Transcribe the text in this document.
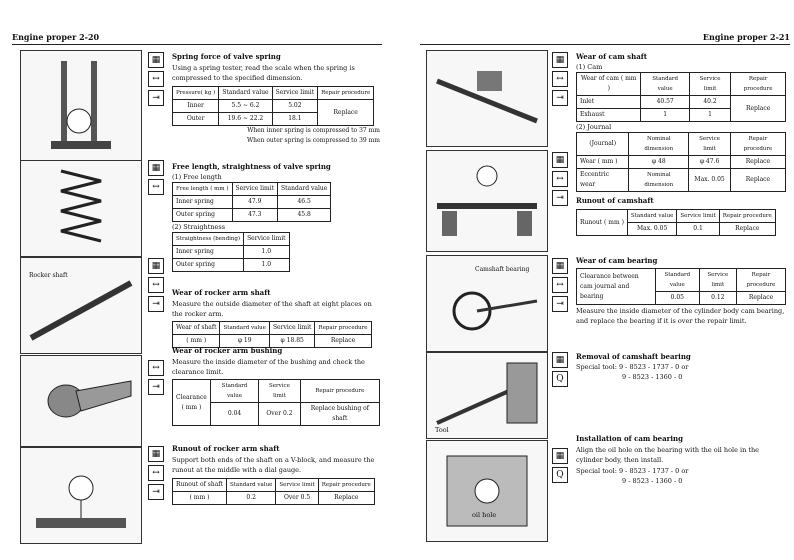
Engine proper 2-20
▦
↔
⇥
Spring force of valve spring
Using a spring tester, read the scale when the spring is compressed to the specified dimension.
Pressure( kg )	Standard value	Service limit	Repair procedure
Inner	5.5 ~ 6.2	5.02	Replace
Outer	19.6 ~ 22.2	18.1	
When inner spring is compressed to 37 mm
When outer spring is compressed to 39 mm
▦
↔
Free length, straightness of valve spring
(1) Free length
Free length ( mm )	Service limit	Standard value
Inner spring	47.9	46.5
Outer spring	47.3	45.8
(2) Straightness
Straightness (bending)	Service limit
Inner spring	1.0
Outer spring	1.0
Rocker shaft
▦
↔
⇥
Wear of rocker arm shaft
Measure the outside diameter of the shaft at eight places on the rocker arm.
Wear of shaft	Standard value	Service limit	Repair procedure
( mm )	φ 19	φ 18.85	Replace
↔
⇥
Wear of rocker arm bushing
Measure the inside diameter of the bushing and check the clearance limit.
Clearance
( mm )	Standard value	Service limit	Repair procedure
	0.04	Over 0.2	Replace bushing of shaft
▦
↔
⇥
Runout of rocker arm shaft
Support both ends of the shaft on a V-block, and measure the runout at the middle with a dial gauge.
Runout of shaft	Standard value	Service limit	Repair procedure
( mm )	0.2	Over 0.5	Replace
Engine proper 2-21
▦
↔
⇥
Wear of cam shaft
(1) Cam
Wear of cam ( mm )	Standard value	Service limit	Repair procedure
Inlet	40.57	40.2	Replace
Exhaust	1	1	
(2) Journal
(Journal)	Nominal dimension	Service limit	Repair procedure
Wear ( mm )	φ 48	φ 47.6	Replace
Eccentric wear	Nominal dimension	Max. 0.05	Replace
▦
↔
⇥	Runout of camshaft
Runout ( mm )	Standard value	Service limit	Repair procedure
	Max. 0.05	0.1	Replace
Camshaft bearing	▦
↔
⇥
Wear of cam bearing
Clearance between cam journal and bearing	Standard value	Service limit	Repair procedure
	0.05	0.12	Replace
Measure the inside diameter of the cylinder body cam bearing, and replace the bearing if it is over the repair limit.
Tool
▦
Q
Removal of camshaft bearing
Special tool: 9 - 8523 - 1737 - 0 or
9 - 8523 - 1360 - 0
oil hole
▦
Q
Installation of cam bearing
Align the oil hole on the bearing with the oil hole in the cylinder body, then install.
Special tool: 9 - 8523 - 1737 - 0 or
9 - 8523 - 1360 - 0
